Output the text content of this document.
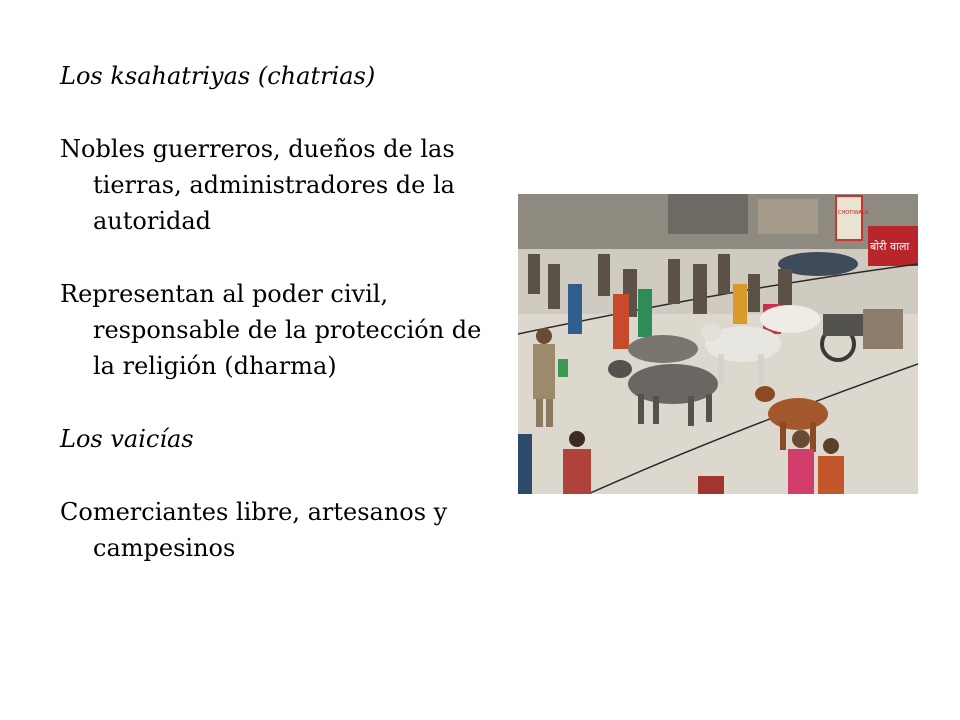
Los ksahatriyas (chatrias)

Nobles guerreros, dueños de las tierras, administradores de la autoridad

Representan al poder civil, responsable de la protección de la religión (dharma)

Los vaicías

Comerciantes libre, artesanos y campesinos

CHOTIWALA
बोरी वाला
